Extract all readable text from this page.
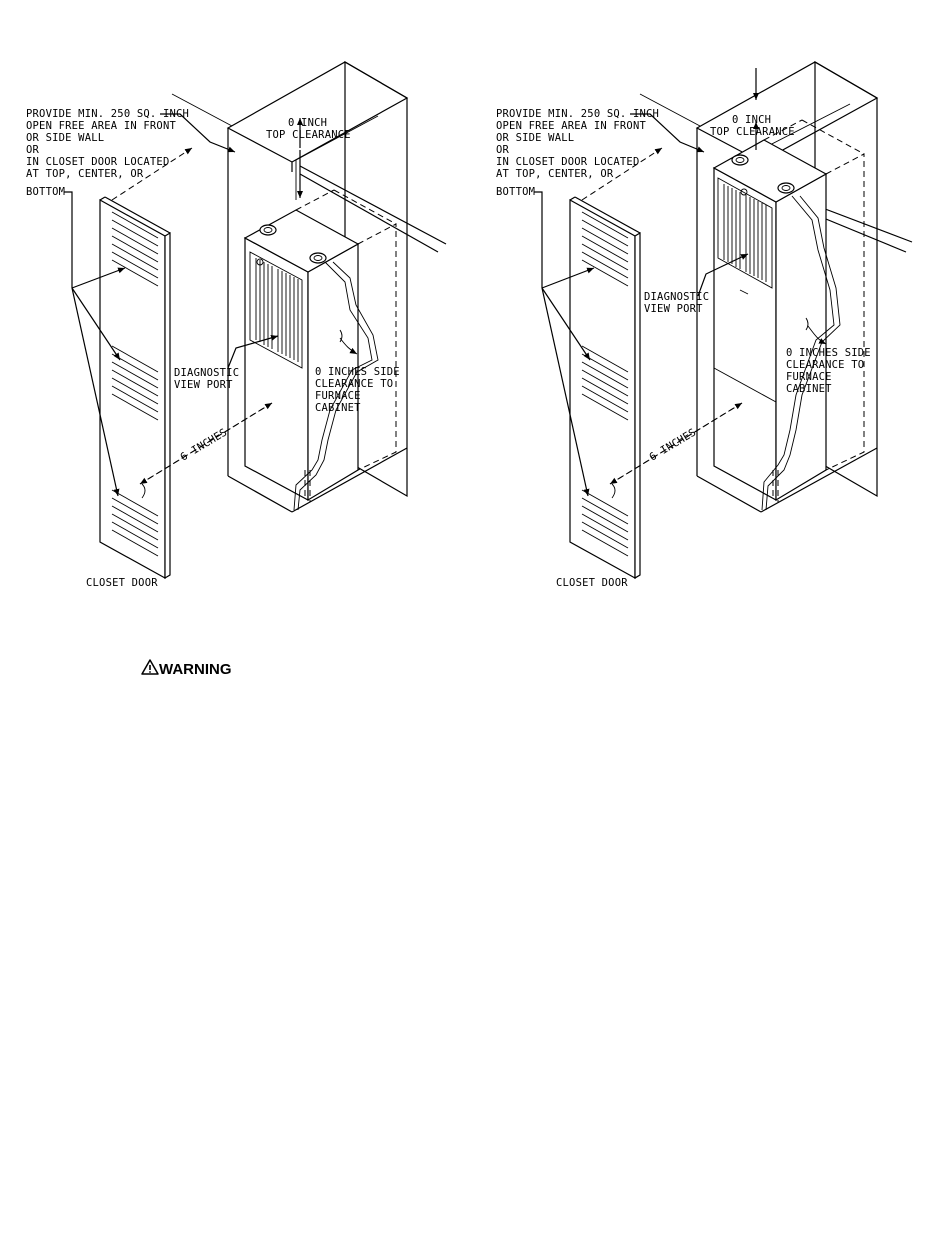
PROVIDE MIN. 250 SQ. INCH
OPEN FREE AREA IN FRONT
OR SIDE WALL
OR
IN CLOSET DOOR LOCATED
AT TOP, CENTER, OR
BOTTOM
0 INCH
TOP CLEARANCE
DIAGNOSTIC
VIEW PORT
0 INCHES SIDE
CLEARANCE TO
FURNACE
CABINET
6 INCHES
CLOSET DOOR
PROVIDE MIN. 250 SQ. INCH
OPEN FREE AREA IN FRONT
OR SIDE WALL
OR
IN CLOSET DOOR LOCATED
AT TOP, CENTER, OR
BOTTOM
0 INCH
TOP CLEARANCE
DIAGNOSTIC
VIEW PORT
0 INCHES SIDE
CLEARANCE TO
FURNACE
CABINET
6 INCHES
CLOSET DOOR
WARNING
